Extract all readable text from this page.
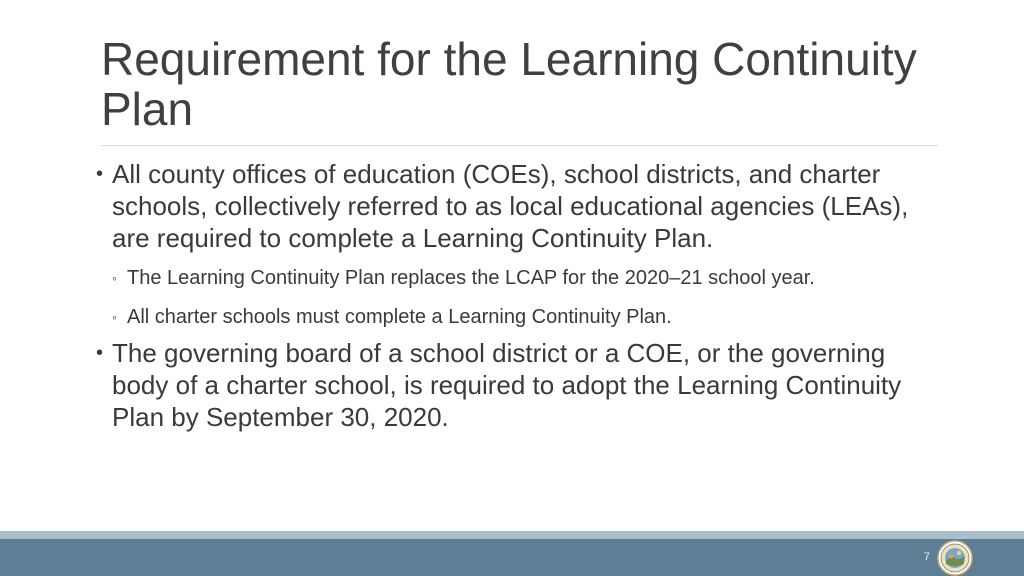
Requirement for the Learning Continuity Plan
• All county offices of education (COEs), school districts, and charter schools, collectively referred to as local educational agencies (LEAs), are required to complete a Learning Continuity Plan.
◦ The Learning Continuity Plan replaces the LCAP for the 2020–21 school year.
◦ All charter schools must complete a Learning Continuity Plan.
• The governing board of a school district or a COE, or the governing body of a charter school, is required to adopt the Learning Continuity Plan by September 30, 2020.
7
